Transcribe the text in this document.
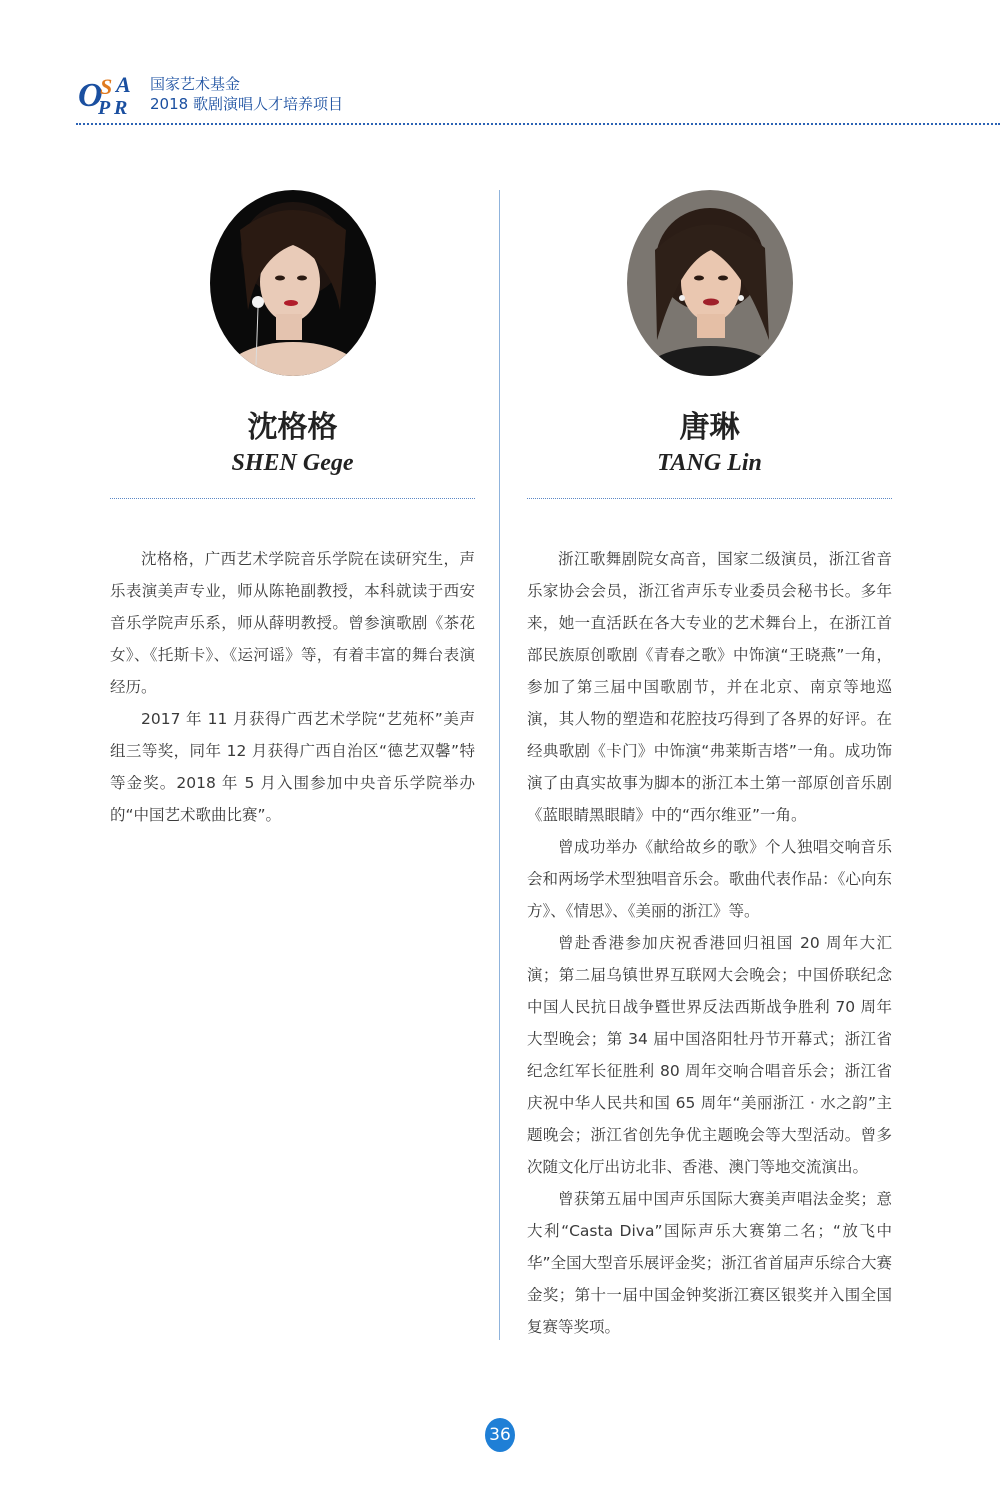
O
S A
P R
国家艺术基金
2018 歌剧演唱人才培养项目
沈格格
SHEN Gege

沈格格，广西艺术学院音乐学院在读研究生，声乐表演美声专业，师从陈艳副教授，本科就读于西安音乐学院声乐系，师从薛明教授。曾参演歌剧《茶花女》、《托斯卡》、《运河谣》等，有着丰富的舞台表演经历。

2017 年 11 月获得广西艺术学院“艺苑杯”美声组三等奖，同年 12 月获得广西自治区“德艺双馨”特等金奖。2018 年 5 月入围参加中央音乐学院举办的“中国艺术歌曲比赛”。

唐琳
TANG Lin

浙江歌舞剧院女高音，国家二级演员，浙江省音乐家协会会员，浙江省声乐专业委员会秘书长。多年来，她一直活跃在各大专业的艺术舞台上，在浙江首部民族原创歌剧《青春之歌》中饰演“王晓燕”一角，参加了第三届中国歌剧节，并在北京、南京等地巡演，其人物的塑造和花腔技巧得到了各界的好评。在经典歌剧《卡门》中饰演“弗莱斯吉塔”一角。成功饰演了由真实故事为脚本的浙江本土第一部原创音乐剧《蓝眼睛黑眼睛》中的“西尔维亚”一角。

曾成功举办《献给故乡的歌》个人独唱交响音乐会和两场学术型独唱音乐会。歌曲代表作品：《心向东方》、《情思》、《美丽的浙江》等。

曾赴香港参加庆祝香港回归祖国 20 周年大汇演；第二届乌镇世界互联网大会晚会；中国侨联纪念中国人民抗日战争暨世界反法西斯战争胜利 70 周年大型晚会；第 34 届中国洛阳牡丹节开幕式；浙江省纪念红军长征胜利 80 周年交响合唱音乐会；浙江省庆祝中华人民共和国 65 周年“美丽浙江 · 水之韵”主题晚会；浙江省创先争优主题晚会等大型活动。曾多次随文化厅出访北非、香港、澳门等地交流演出。

曾获第五届中国声乐国际大赛美声唱法金奖；意大利“Casta Diva”国际声乐大赛第二名；“放飞中华”全国大型音乐展评金奖；浙江省首届声乐综合大赛金奖；第十一届中国金钟奖浙江赛区银奖并入围全国复赛等奖项。

36
